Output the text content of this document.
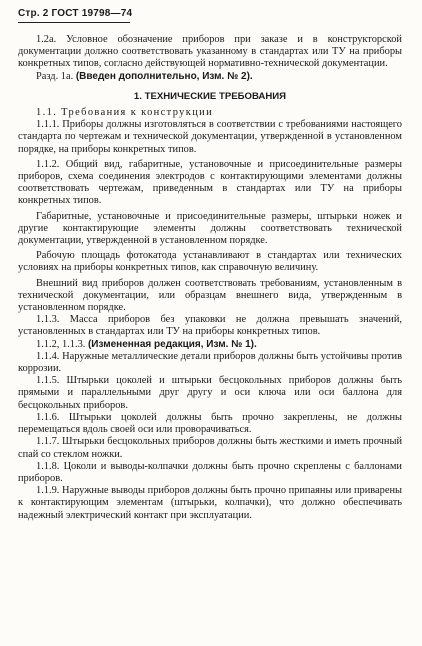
Стр. 2 ГОСТ 19798—74

1.2а. Условное обозначение приборов при заказе и в конструкторской документации должно соответствовать указанному в стандартах или ТУ на приборы конкретных типов, согласно действующей нормативно-технической документации.

Разд. 1а. (Введен дополнительно, Изм. № 2).

1. ТЕХНИЧЕСКИЕ ТРЕБОВАНИЯ

1.1. Требования к конструкции

1.1.1. Приборы должны изготовляться в соответствии с требованиями настоящего стандарта по чертежам и технической документации, утвержденной в установленном порядке, на приборы конкретных типов.

1.1.2. Общий вид, габаритные, установочные и присоединительные размеры приборов, схема соединения электродов с контактирующими элементами должны соответствовать чертежам, приведенным в стандартах или ТУ на приборы конкретных типов.

Габаритные, установочные и присоединительные размеры, штырьки ножек и другие контактирующие элементы должны соответствовать технической документации, утвержденной в установленном порядке.

Рабочую площадь фотокатода устанавливают в стандартах или технических условиях на приборы конкретных типов, как справочную величину.

Внешний вид приборов должен соответствовать требованиям, установленным в технической документации, или образцам внешнего вида, утвержденным в установленном порядке.

1.1.3. Масса приборов без упаковки не должна превышать значений, установленных в стандартах или ТУ на приборы конкретных типов.

1.1.2, 1.1.3. (Измененная редакция, Изм. № 1).

1.1.4. Наружные металлические детали приборов должны быть устойчивы против коррозии.

1.1.5. Штырьки цоколей и штырьки бесцокольных приборов должны быть прямыми и параллельными друг другу и оси ключа или оси баллона для бесцокольных приборов.

1.1.6. Штырьки цоколей должны быть прочно закреплены, не должны перемещаться вдоль своей оси или проворачиваться.

1.1.7. Штырьки бесцокольных приборов должны быть жесткими и иметь прочный спай со стеклом ножки.

1.1.8. Цоколи и выводы-колпачки должны быть прочно скреплены с баллонами приборов.

1.1.9. Наружные выводы приборов должны быть прочно припаяны или приварены к контактирующим элементам (штырьки, колпачки), что должно обеспечивать надежный электрический контакт при эксплуатации.
